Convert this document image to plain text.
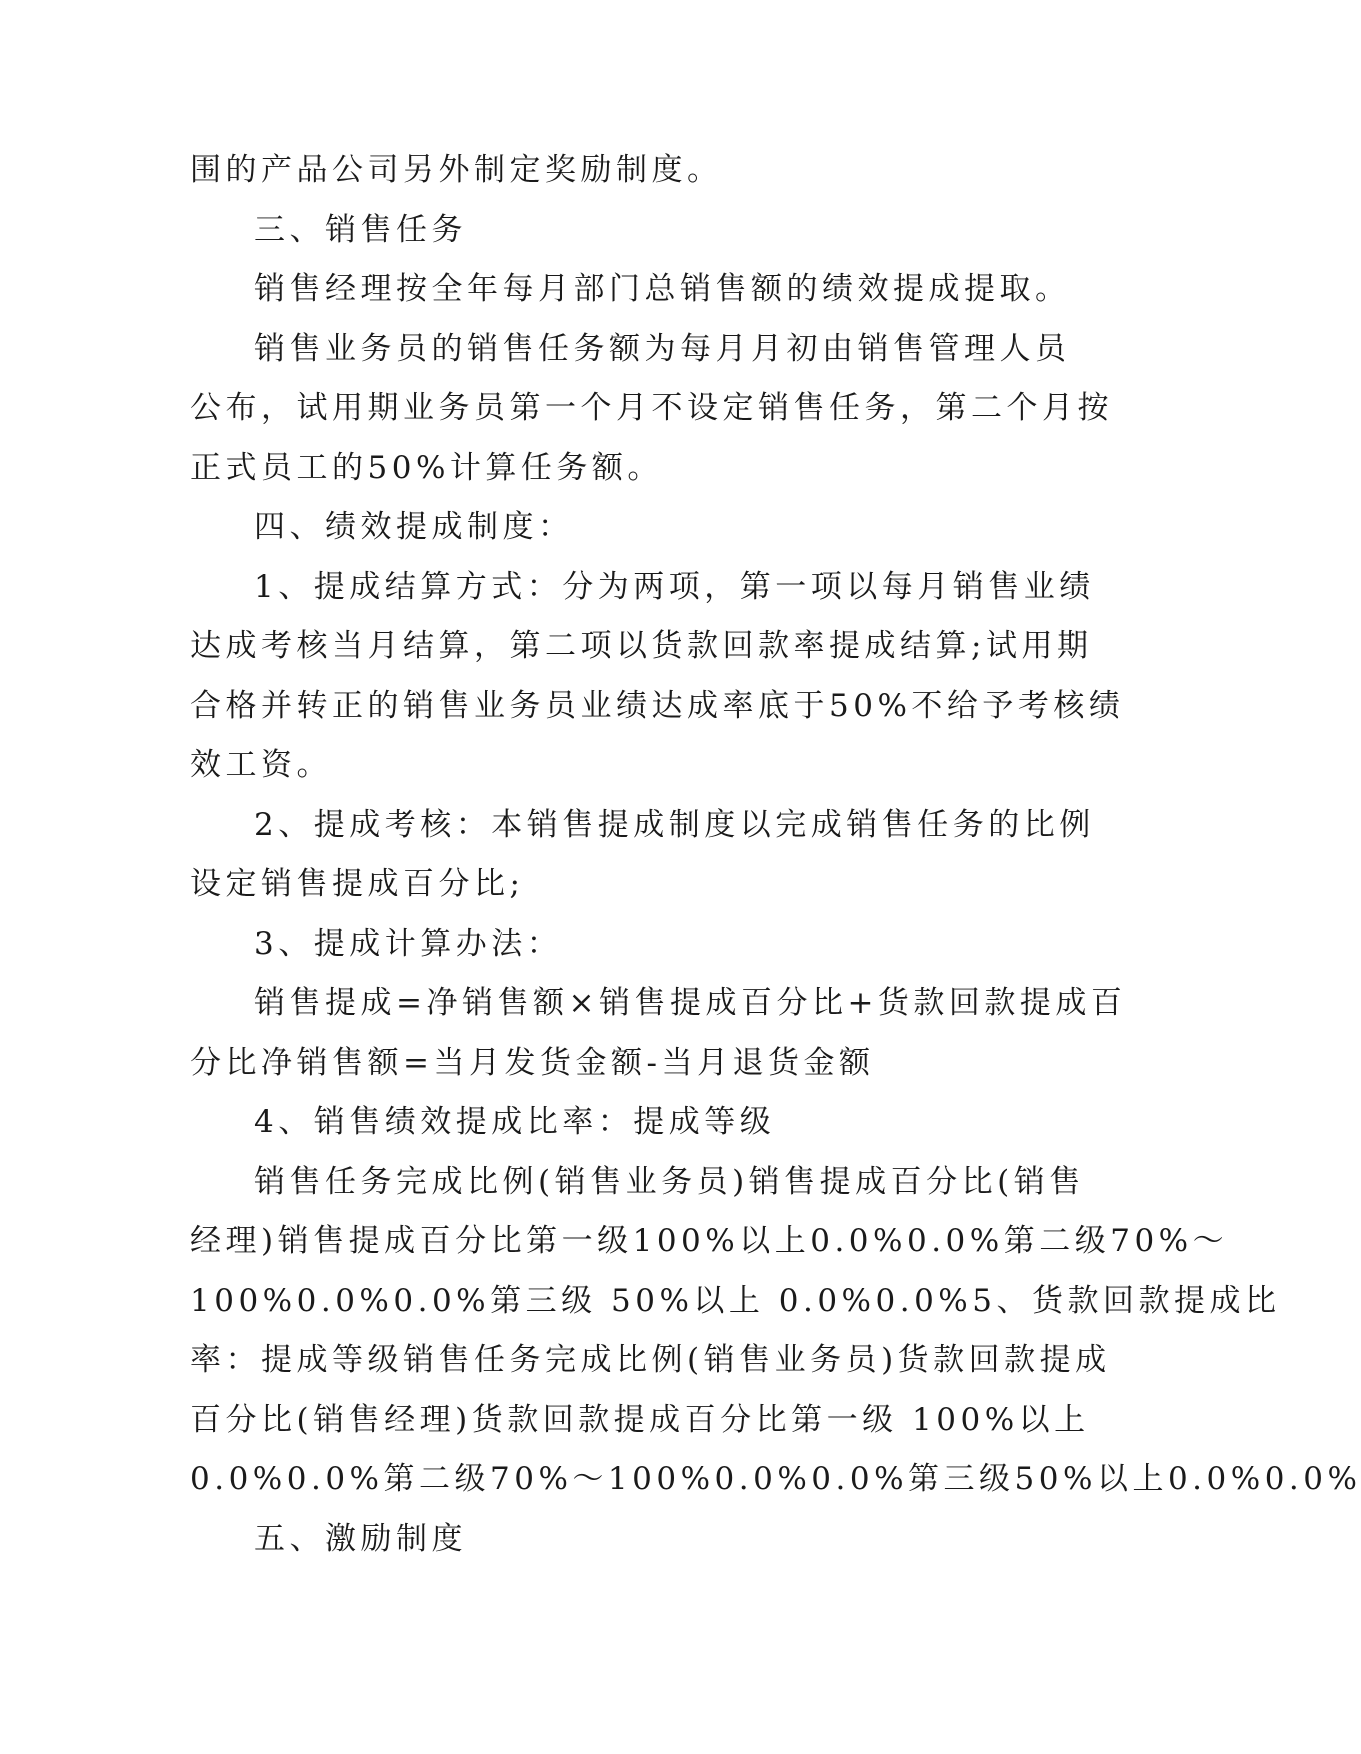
围的产品公司另外制定奖励制度。
三、销售任务
销售经理按全年每月部门总销售额的绩效提成提取。
销售业务员的销售任务额为每月月初由销售管理人员
公布，试用期业务员第一个月不设定销售任务，第二个月按
正式员工的50%计算任务额。
四、绩效提成制度：
1、提成结算方式：分为两项，第一项以每月销售业绩
达成考核当月结算，第二项以货款回款率提成结算;试用期
合格并转正的销售业务员业绩达成率底于50%不给予考核绩
效工资。
2、提成考核：本销售提成制度以完成销售任务的比例
设定销售提成百分比;
3、提成计算办法：
销售提成=净销售额×销售提成百分比+货款回款提成百
分比净销售额=当月发货金额-当月退货金额
4、销售绩效提成比率：提成等级
销售任务完成比例(销售业务员)销售提成百分比(销售
经理)销售提成百分比第一级100%以上0.0%0.0%第二级70%～
100%0.0%0.0%第三级 50%以上 0.0%0.0%5、货款回款提成比
率：提成等级销售任务完成比例(销售业务员)货款回款提成
百分比(销售经理)货款回款提成百分比第一级 100%以上
0.0%0.0%第二级70%～100%0.0%0.0%第三级50%以上0.0%0.0%
五、激励制度
